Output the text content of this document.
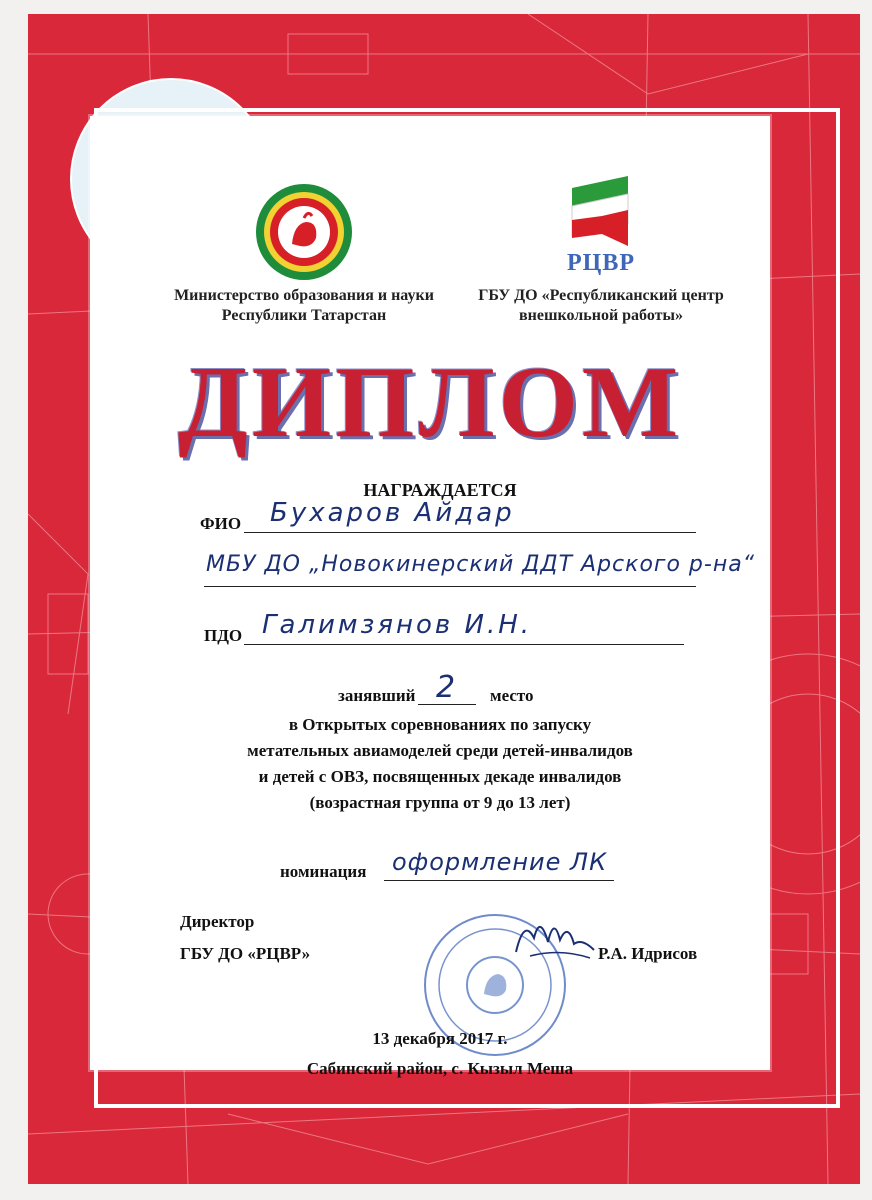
Министерство образования и науки
Республики Татарстан
РЦВР
ГБУ ДО «Республиканский центр
внешкольной работы»
ДИПЛОМ
НАГРАЖДАЕТСЯ
ФИО Бухаров Айдар
МБУ ДО „Новокинерский ДДТ Арского р-на“
ПДО Галимзянов И.Н.
занявший 2 место
в Открытых соревнованиях по запуску
метательных авиамоделей среди детей-инвалидов
и детей с ОВЗ, посвященных декаде инвалидов
(возрастная группа от 9 до 13 лет)
номинация оформление ЛК
Директор
ГБУ ДО «РЦВР»	Р.А. Идрисов
13 декабря 2017 г.
Сабинский район, с. Кызыл Меша
